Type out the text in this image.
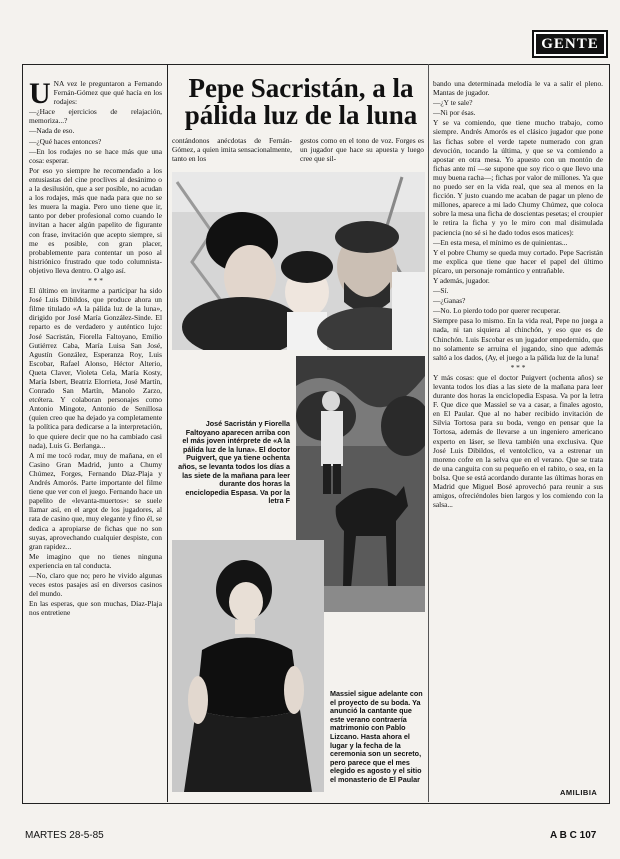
GENTE
Pepe Sacristán, a la pálida luz de la luna

UNA vez le preguntaron a Fernando Fernán-Gómez que qué hacía en los rodajes:

—¿Hace ejercicios de relajación, memoriza...?

—Nada de eso.

—¿Qué haces entonces?

—En los rodajes no se hace más que una cosa: esperar.

Por eso yo siempre he recomendado a los entusiastas del cine proclives al desánimo o a la desilusión, que a ser posible, no acudan a los rodajes, más que nada para que no se les muera la magia. Pero uno tiene que ir, tanto por deber profesional como cuando le invitan a hacer algún papelito de figurante con frase, invitación que acepto siempre, si me es posible, con gran placer, probablemente para contentar un poso al histriónico frustrado que todo columnista-objetivo lleva dentro. O algo así.

* * *

El último en invitarme a participar ha sido José Luis Dibildos, que produce ahora un filme titulado «A la pálida luz de la luna», dirigido por José María González-Sinde. El reparto es de verdadero y auténtico lujo: José Sacristán, Fiorella Faltoyano, Emilio Gutiérrez Caba, María Luisa San José, Agustín González, Esperanza Roy, Luis Escobar, Rafael Alonso, Héctor Alterio, Queta Claver, Violeta Cela, María Kosty, María Isbert, Beatriz Elorrieta, José Martín, Conrado San Martín, Manolo Zarzo, etcétera. Y colaboran personajes como Antonio Mingote, Antonio de Senillosa (quien creo que ha dejado ya completamente la política para dedicarse a la interpretación, lo que quiere decir que no ha cambiado casi nada), Luis G. Berlanga...

A mí me tocó rodar, muy de mañana, en el Casino Gran Madrid, junto a Chumy Chúmez, Forges, Fernando Díaz-Plaja y Andrés Amorós. Parte importante del filme tiene que ver con el juego. Fernando hace un papelito de «levanta-muertos»: se suele llamar así, en el argot de los jugadores, al rata de casino que, muy elegante y fino él, se dedica a apropiarse de fichas que no son suyas, aprovechando cualquier despiste, con gran rapidez...

Me imagino que no tienes ninguna experiencia en tal conducta.

—No, claro que no; pero he vivido algunas veces estos pasajes así en diversos casinos del mundo.

En las esperas, que son muchas, Díaz-Plaja nos entretiene

contándonos anécdotas de Fernán-Gómez, a quien imita sensacionalmente, tanto en los

gestos como en el tono de voz. Forges es un jugador que hace su apuesta y luego cree que sil-

José Sacristán y Fiorella Faltoyano aparecen arriba con el más joven intérprete de «A la pálida luz de la luna». El doctor Puigvert, que ya tiene ochenta años, se levanta todos los días a las siete de la mañana para leer durante dos horas la enciclopedia Espasa. Va por la letra F
Massiel sigue adelante con el proyecto de su boda. Ya anunció la cantante que este verano contraería matrimonio con Pablo Lizcano. Hasta ahora el lugar y la fecha de la ceremonia son un secreto, pero parece que el mes elegido es agosto y el sitio el monasterio de El Paular

bando una determinada melodía le va a salir el pleno. Mantas de jugador.

—¿Y te sale?

—Ni por ésas.

Y se va comiendo, que tiene mucho trabajo, como siempre. Andrés Amorós es el clásico jugador que pone las fichas sobre el verde tapete numerado con gran devoción, tocando la última, y que se va comiendo a apostar en otra mesa. Yo apuesto con un montón de fichas ante mí —se supone que soy rico o que llevo una muy buena racha—; fichas por valor de millones. Ya que no puedo ser en la vida real, que sea al menos en la ficción. Y justo cuando me acaban de pagar un pleno de millones, aparece a mi lado Chumy Chúmez, que coloca sobre la mesa una ficha de doscientas pesetas; el croupier le retira la ficha y yo le miro con mal disimulada paciencia (no sé si he dado todos esos matices):

—En esta mesa, el mínimo es de quinientas...

Y el pobre Chumy se queda muy cortado. Pepe Sacristán me explica que tiene que hacer el papel del último pícaro, un personaje romántico y entrañable.

Y además, jugador.

—Sí.

—¿Ganas?

—No. Lo pierdo todo por querer recuperar.

Siempre pasa lo mismo. En la vida real, Pepe no juega a nada, ni tan siquiera al chinchón, y eso que es de Chinchón. Luis Escobar es un jugador empedernido, que no solamente se arruina el jugando, sino que además saltó a los dados, (Ay, el juego a la pálida luz de la luna!

* * *

Y más cosas: que el doctor Puigvert (ochenta años) se levanta todos los días a las siete de la mañana para leer durante dos horas la enciclopedia Espasa. Va por la letra F. Que dice que Massiel se va a casar, a finales agosto, en El Paular. Que al no haber recibido invitación de Silvia Tortosa para su boda, vengo en pensar que la Tortosa, además de llevarse a un ingeniero americano experto en láser, se lleva también una exclusiva. Que José Luis Dibildos, el ventolclico, va a estrenar un moreno cofre en la selva que en el verano. Que se trata de una canguita con su pequeño en el rabito, o sea, en la bolsa. Que se está acordando durante las últimas horas en Madrid que Miguel Bosé aprovechó para reunir a sus amigos, ofreciéndoles bien largos y los comiendo con la salsa...

AMILIBIA
MARTES 28-5-85	A B C 107
